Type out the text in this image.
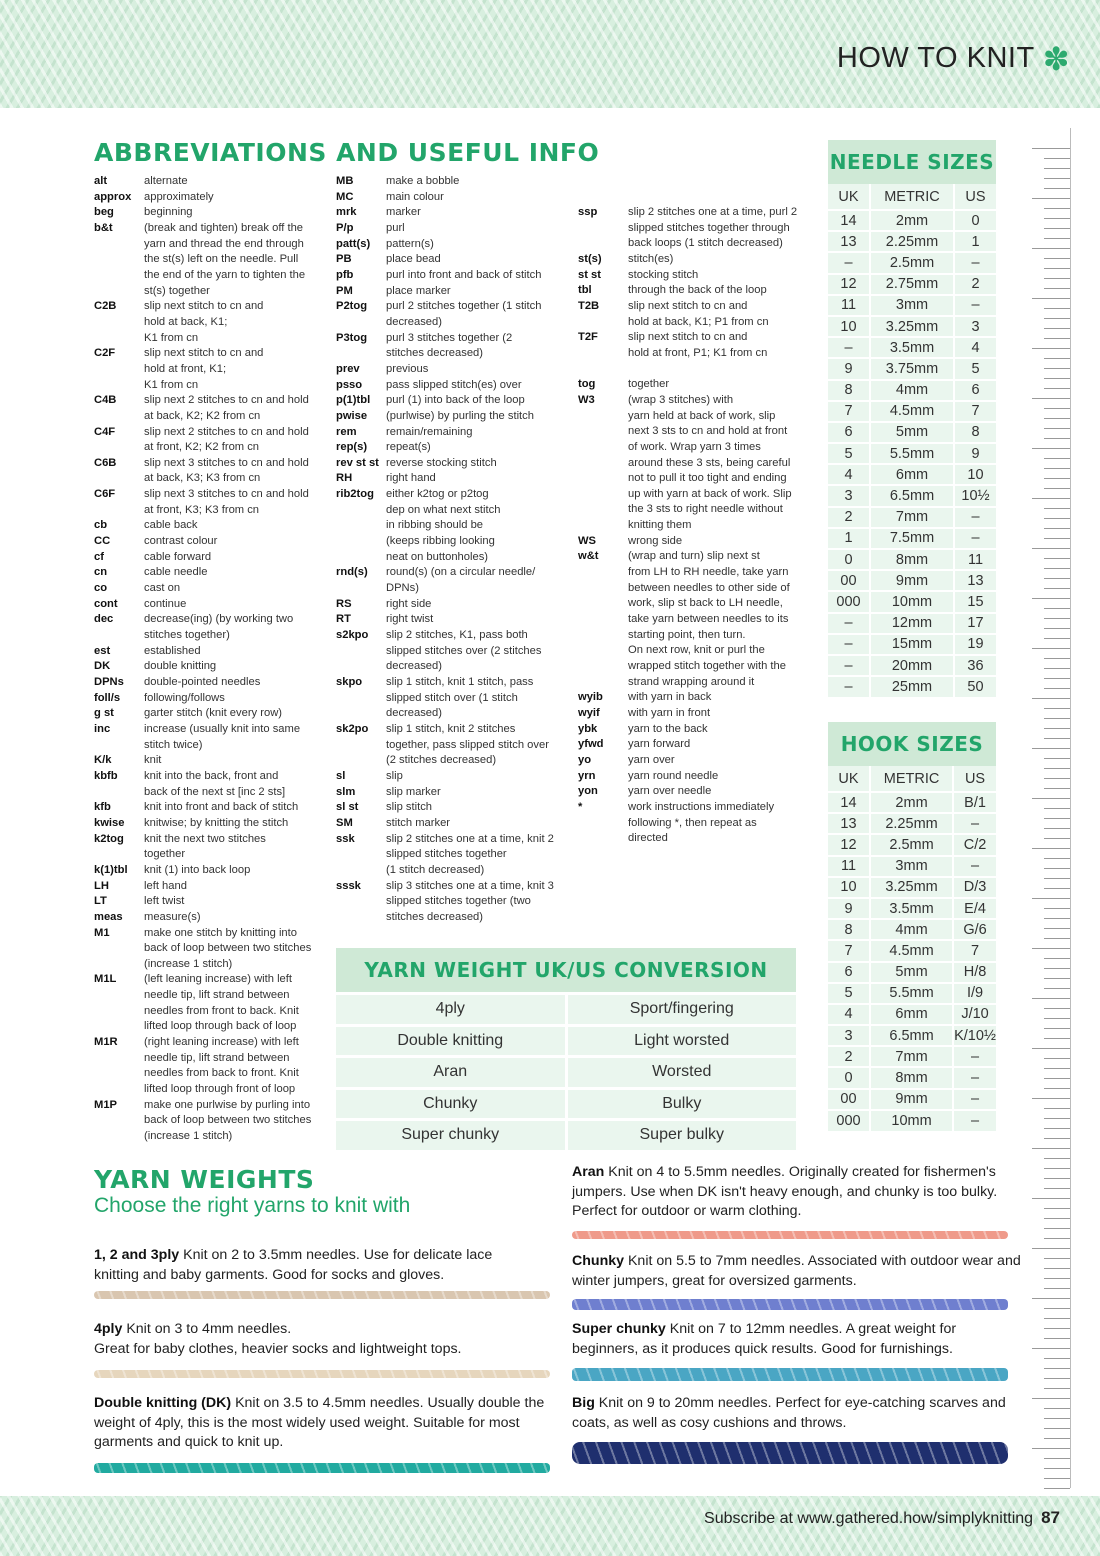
HOW TO KNIT ✽
ABBREVIATIONS AND USEFUL INFO
alt	alternate
approx	approximately
beg	beginning
b&t	(break and tighten) break off the
yarn and thread the end through
the st(s) left on the needle. Pull
the end of the yarn to tighten the
st(s) together
C2B	slip next stitch to cn and
hold at back, K1;
K1 from cn
C2F	slip next stitch to cn and
hold at front, K1;
K1 from cn
C4B	slip next 2 stitches to cn and hold
at back, K2; K2 from cn
C4F	slip next 2 stitches to cn and hold
at front, K2; K2 from cn
C6B	slip next 3 stitches to cn and hold
at back, K3; K3 from cn
C6F	slip next 3 stitches to cn and hold
at front, K3; K3 from cn
cb	cable back
CC	contrast colour
cf	cable forward
cn	cable needle
co	cast on
cont	continue
dec	decrease(ing) (by working two
stitches together)
est	established
DK	double knitting
DPNs	double-pointed needles
foll/s	following/follows
g st	garter stitch (knit every row)
inc	increase (usually knit into same
stitch twice)
K/k	knit
kbfb	knit into the back, front and
back of the next st [inc 2 sts]
kfb	knit into front and back of stitch
kwise	knitwise; by knitting the stitch
k2tog	knit the next two stitches
together
k(1)tbl	knit (1) into back loop
LH	left hand
LT	left twist
meas	measure(s)
M1	make one stitch by knitting into
back of loop between two stitches
(increase 1 stitch)
M1L	(left leaning increase) with left
needle tip, lift strand between
needles from front to back. Knit
lifted loop through back of loop
M1R	(right leaning increase) with left
needle tip, lift strand between
needles from back to front. Knit
lifted loop through front of loop
M1P	make one purlwise by purling into
back of loop between two stitches
(increase 1 stitch)
MB	make a bobble
MC	main colour
mrk	marker
P/p	purl
patt(s)	pattern(s)
PB	place bead
pfb	purl into front and back of stitch
PM	place marker
P2tog	purl 2 stitches together (1 stitch
decreased)
P3tog	purl 3 stitches together (2
stitches decreased)
prev	previous
psso	pass slipped stitch(es) over
p(1)tbl	purl (1) into back of the loop
pwise	(purlwise) by purling the stitch
rem	remain/remaining
rep(s)	repeat(s)
rev st st reverse stocking stitch
RH	right hand
rib2tog	either k2tog or p2tog
dep on what next stitch
in ribbing should be
(keeps ribbing looking
neat on buttonholes)
rnd(s)	round(s) (on a circular needle/
DPNs)
RS	right side
RT	right twist
s2kpo	slip 2 stitches, K1, pass both
slipped stitches over (2 stitches
decreased)
skpo	slip 1 stitch, knit 1 stitch, pass
slipped stitch over (1 stitch
decreased)
sk2po	slip 1 stitch, knit 2 stitches
together, pass slipped stitch over
(2 stitches decreased)
sl	slip
slm	slip marker
sl st	slip stitch
SM	stitch marker
ssk	slip 2 stitches one at a time, knit 2
slipped stitches together
(1 stitch decreased)
sssk	slip 3 stitches one at a time, knit 3
slipped stitches together (two
stitches decreased)
ssp	slip 2 stitches one at a time, purl 2
slipped stitches together through
back loops (1 stitch decreased)
st(s)	stitch(es)
st st	stocking stitch
tbl	through the back of the loop
T2B	slip next stitch to cn and
hold at back, K1; P1 from cn
T2F	slip next stitch to cn and
hold at front, P1; K1 from cn

tog	together
W3	(wrap 3 stitches) with
yarn held at back of work, slip
next 3 sts to cn and hold at front
of work. Wrap yarn 3 times
around these 3 sts, being careful
not to pull it too tight and ending
up with yarn at back of work. Slip
the 3 sts to right needle without
knitting them
WS	wrong side
w&t	(wrap and turn) slip next st
from LH to RH needle, take yarn
between needles to other side of
work, slip st back to LH needle,
take yarn between needles to its
starting point, then turn.
On next row, knit or purl the
wrapped stitch together with the
strand wrapping around it
wyib	with yarn in back
wyif	with yarn in front
ybk	yarn to the back
yfwd	yarn forward
yo	yarn over
yrn	yarn round needle
yon	yarn over needle
*	work instructions immediately
following *, then repeat as
directed
NEEDLE SIZES
UK	METRIC	US
14	2mm	0
13	2.25mm	1
–	2.5mm	–
12	2.75mm	2
11	3mm	–
10	3.25mm	3
–	3.5mm	4
9	3.75mm	5
8	4mm	6
7	4.5mm	7
6	5mm	8
5	5.5mm	9
4	6mm	10
3	6.5mm	10½
2	7mm	–
1	7.5mm	–
0	8mm	11
00	9mm	13
000	10mm	15
–	12mm	17
–	15mm	19
–	20mm	36
–	25mm	50
HOOK SIZES
UK	METRIC	US
14	2mm	B/1
13	2.25mm	–
12	2.5mm	C/2
11	3mm	–
10	3.25mm	D/3
9	3.5mm	E/4
8	4mm	G/6
7	4.5mm	7
6	5mm	H/8
5	5.5mm	I/9
4	6mm	J/10
3	6.5mm	K/10½
2	7mm	–
0	8mm	–
00	9mm	–
000	10mm	–
YARN WEIGHT UK/US CONVERSION
4ply	Sport/fingering
Double knitting	Light worsted
Aran	Worsted
Chunky	Bulky
Super chunky	Super bulky
YARN WEIGHTS
Choose the right yarns to knit with
1, 2 and 3ply Knit on 2 to 3.5mm needles. Use for delicate lace knitting and baby garments. Good for socks and gloves.
4ply Knit on 3 to 4mm needles.
Great for baby clothes, heavier socks and lightweight tops.
Double knitting (DK) Knit on 3.5 to 4.5mm needles. Usually double the weight of 4ply, this is the most widely used weight. Suitable for most garments and quick to knit up.
Aran Knit on 4 to 5.5mm needles. Originally created for fishermen's jumpers. Use when DK isn't heavy enough, and chunky is too bulky. Perfect for outdoor or warm clothing.
Chunky Knit on 5.5 to 7mm needles. Associated with outdoor wear and winter jumpers, great for oversized garments.
Super chunky Knit on 7 to 12mm needles. A great weight for beginners, as it produces quick results. Good for furnishings.
Big Knit on 9 to 20mm needles. Perfect for eye-catching scarves and coats, as well as cosy cushions and throws.
Subscribe at www.gathered.how/simplyknitting 87
